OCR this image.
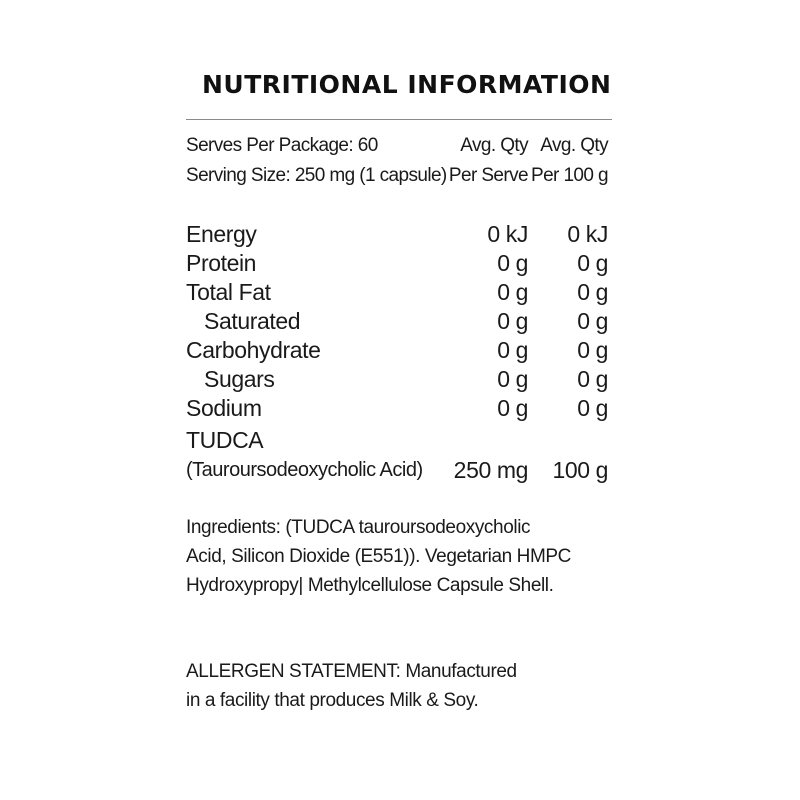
NUTRITIONAL INFORMATION
Serves Per Package: 60	Avg. Qty Avg. Qty
Serving Size: 250 mg (1 capsule) Per Serve Per 100 g
Energy	0 kJ 0 kJ
Protein	0 g 0 g
Total Fat	0 g 0 g
Saturated	0 g 0 g
Carbohydrate	0 g 0 g
Sugars	0 g 0 g
Sodium	0 g 0 g
TUDCA
(Tauroursodeoxycholic Acid) 250 mg 100 g
Ingredients: (TUDCA tauroursodeoxycholic
Acid, Silicon Dioxide (E551)). Vegetarian HMPC
Hydroxypropy| Methylcellulose Capsule Shell.
ALLERGEN STATEMENT: Manufactured
in a facility that produces Milk & Soy.
